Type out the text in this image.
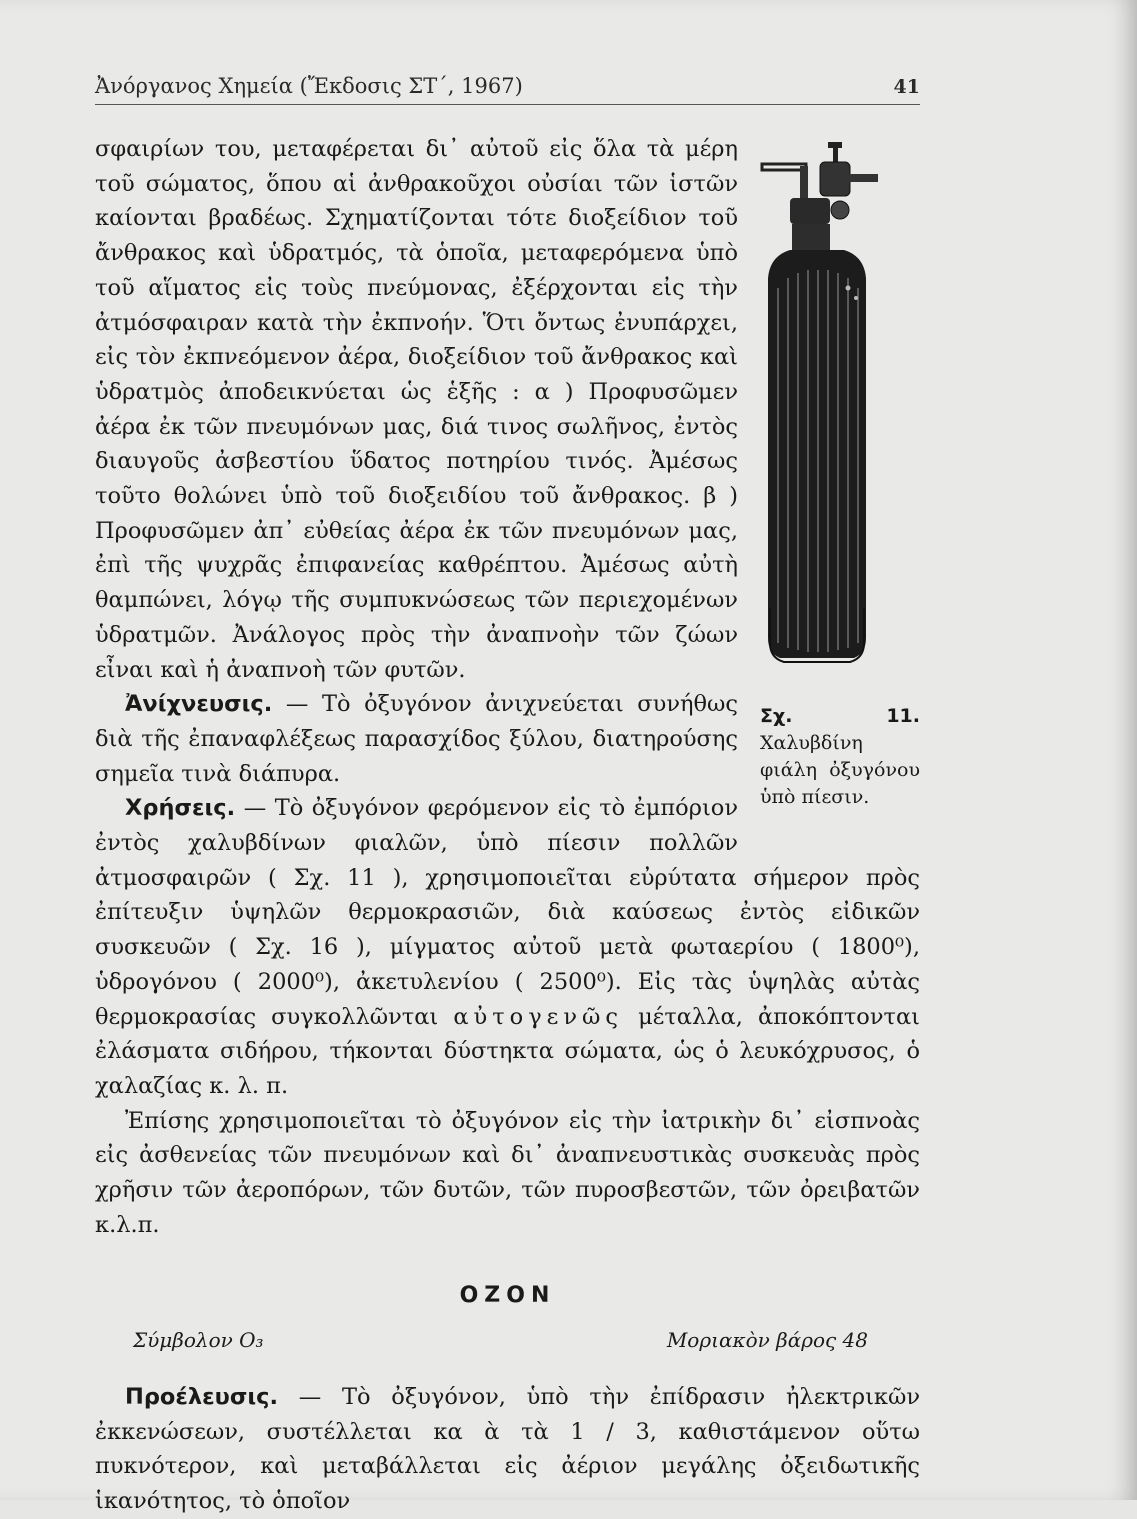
Ἀνόργανος Χημεία (Ἔκδοσις ΣΤ΄, 1967)	41
Σχ. 11. Χαλυβδίνη φιάλη ὀξυγόνου ὑπὸ πίεσιν.

σφαιρίων του, μεταφέρεται δι᾽ αὐτοῦ εἰς ὅλα τὰ μέρη τοῦ σώματος, ὅπου αἱ ἀνθρακοῦχοι οὐσίαι τῶν ἱστῶν καίονται βραδέως. Σχηματίζονται τότε διοξείδιον τοῦ ἄνθρακος καὶ ὑδρατμός, τὰ ὁποῖα, μεταφερόμενα ὑπὸ τοῦ αἵματος εἰς τοὺς πνεύμονας, ἐξέρχονται εἰς τὴν ἀτμόσφαιραν κατὰ τὴν ἐκπνοήν. Ὅτι ὄντως ἐνυπάρχει, εἰς τὸν ἐκπνεόμενον ἀέρα, διοξείδιον τοῦ ἄνθρακος καὶ ὑδρατμὸς ἀποδεικνύεται ὡς ἑξῆς : α ) Προφυσῶμεν ἀέρα ἐκ τῶν πνευμόνων μας, διά τινος σωλῆνος, ἐντὸς διαυγοῦς ἀσβεστίου ὕδατος ποτηρίου τινός. Ἀμέσως τοῦτο θολώνει ὑπὸ τοῦ διοξειδίου τοῦ ἄνθρακος. β ) Προφυσῶμεν ἀπ᾽ εὐθείας ἀέρα ἐκ τῶν πνευμόνων μας, ἐπὶ τῆς ψυχρᾶς ἐπιφανείας καθρέπτου. Ἀμέσως αὐτὴ θαμπώνει, λόγῳ τῆς συμπυκνώσεως τῶν περιεχομένων ὑδρατμῶν. Ἀνάλογος πρὸς τὴν ἀναπνοὴν τῶν ζώων εἶναι καὶ ἡ ἀναπνοὴ τῶν φυτῶν.

Ἀνίχνευσις. — Τὸ ὀξυγόνον ἀνιχνεύεται συνήθως διὰ τῆς ἐπαναφλέξεως παρασχίδος ξύλου, διατηρούσης σημεῖα τινὰ διάπυρα.

Χρήσεις. — Τὸ ὀξυγόνον φερόμενον εἰς τὸ ἐμπόριον ἐντὸς χαλυβδίνων φιαλῶν, ὑπὸ πίεσιν πολλῶν ἀτμοσφαιρῶν ( Σχ. 11 ), χρησιμοποιεῖται εὐρύτατα σήμερον πρὸς ἐπίτευξιν ὑψηλῶν θερμοκρασιῶν, διὰ καύσεως ἐντὸς εἰδικῶν συσκευῶν ( Σχ. 16 ), μίγματος αὐτοῦ μετὰ φωταερίου ( 1800⁰), ὑδρογόνου ( 2000⁰), ἀκετυλενίου ( 2500⁰). Εἰς τὰς ὑψηλὰς αὐτὰς θερμοκρασίας συγκολλῶνται αὐτογενῶς μέταλλα, ἀποκόπτονται ἐλάσματα σιδήρου, τήκονται δύστηκτα σώματα, ὡς ὁ λευκόχρυσος, ὁ χαλαζίας κ. λ. π.

Ἐπίσης χρησιμοποιεῖται τὸ ὀξυγόνον εἰς τὴν ἰατρικὴν δι᾽ εἰσπνοὰς εἰς ἀσθενείας τῶν πνευμόνων καὶ δι᾽ ἀναπνευστικὰς συσκευὰς πρὸς χρῆσιν τῶν ἀεροπόρων, τῶν δυτῶν, τῶν πυροσβεστῶν, τῶν ὀρειβατῶν κ.λ.π.

ΟΖΟΝ
Σύμβολον O₃	Μοριακὸν βάρος 48

Προέλευσις. — Τὸ ὀξυγόνον, ὑπὸ τὴν ἐπίδρασιν ἠλεκτρικῶν ἐκκενώσεων, συστέλλεται κα ὰ τὰ 1 / 3, καθιστάμενον οὕτω πυκνότερον, καὶ μεταβάλλεται εἰς ἀέριον μεγάλης ὀξειδωτικῆς ἱκανότητος, τὸ ὁποῖον
